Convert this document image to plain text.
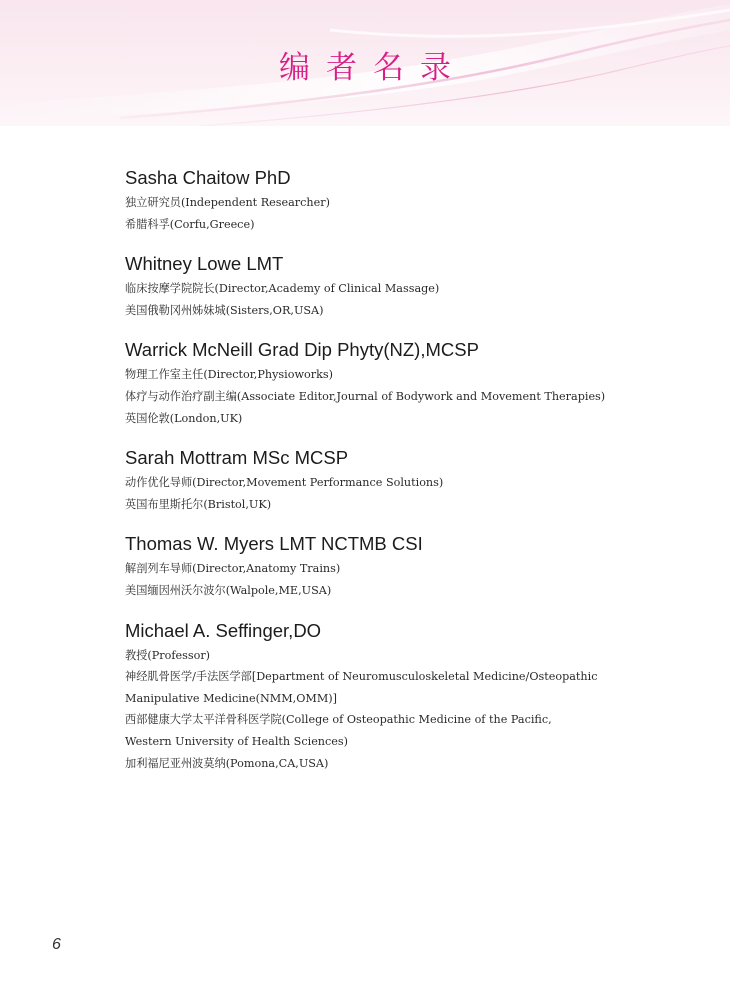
编者名录
Sasha Chaitow PhD
独立研究员(Independent Researcher)
希腊科孚(Corfu,Greece)
Whitney Lowe LMT
临床按摩学院院长(Director,Academy of Clinical Massage)
美国俄勒冈州姊妹城(Sisters,OR,USA)
Warrick McNeill Grad Dip Phyty(NZ),MCSP
物理工作室主任(Director,Physioworks)
体疗与动作治疗副主编(Associate Editor,Journal of Bodywork and Movement Therapies)
英国伦敦(London,UK)
Sarah Mottram MSc MCSP
动作优化导师(Director,Movement Performance Solutions)
英国布里斯托尔(Bristol,UK)
Thomas W. Myers LMT NCTMB CSI
解剖列车导师(Director,Anatomy Trains)
美国缅因州沃尔波尔(Walpole,ME,USA)
Michael A. Seffinger,DO
教授(Professor)
神经肌骨医学/手法医学部[Department of Neuromusculoskeletal Medicine/Osteopathic
Manipulative Medicine(NMM,OMM)]
西部健康大学太平洋骨科医学院(College of Osteopathic Medicine of the Pacific,
Western University of Health Sciences)
加利福尼亚州波莫纳(Pomona,CA,USA)
6
